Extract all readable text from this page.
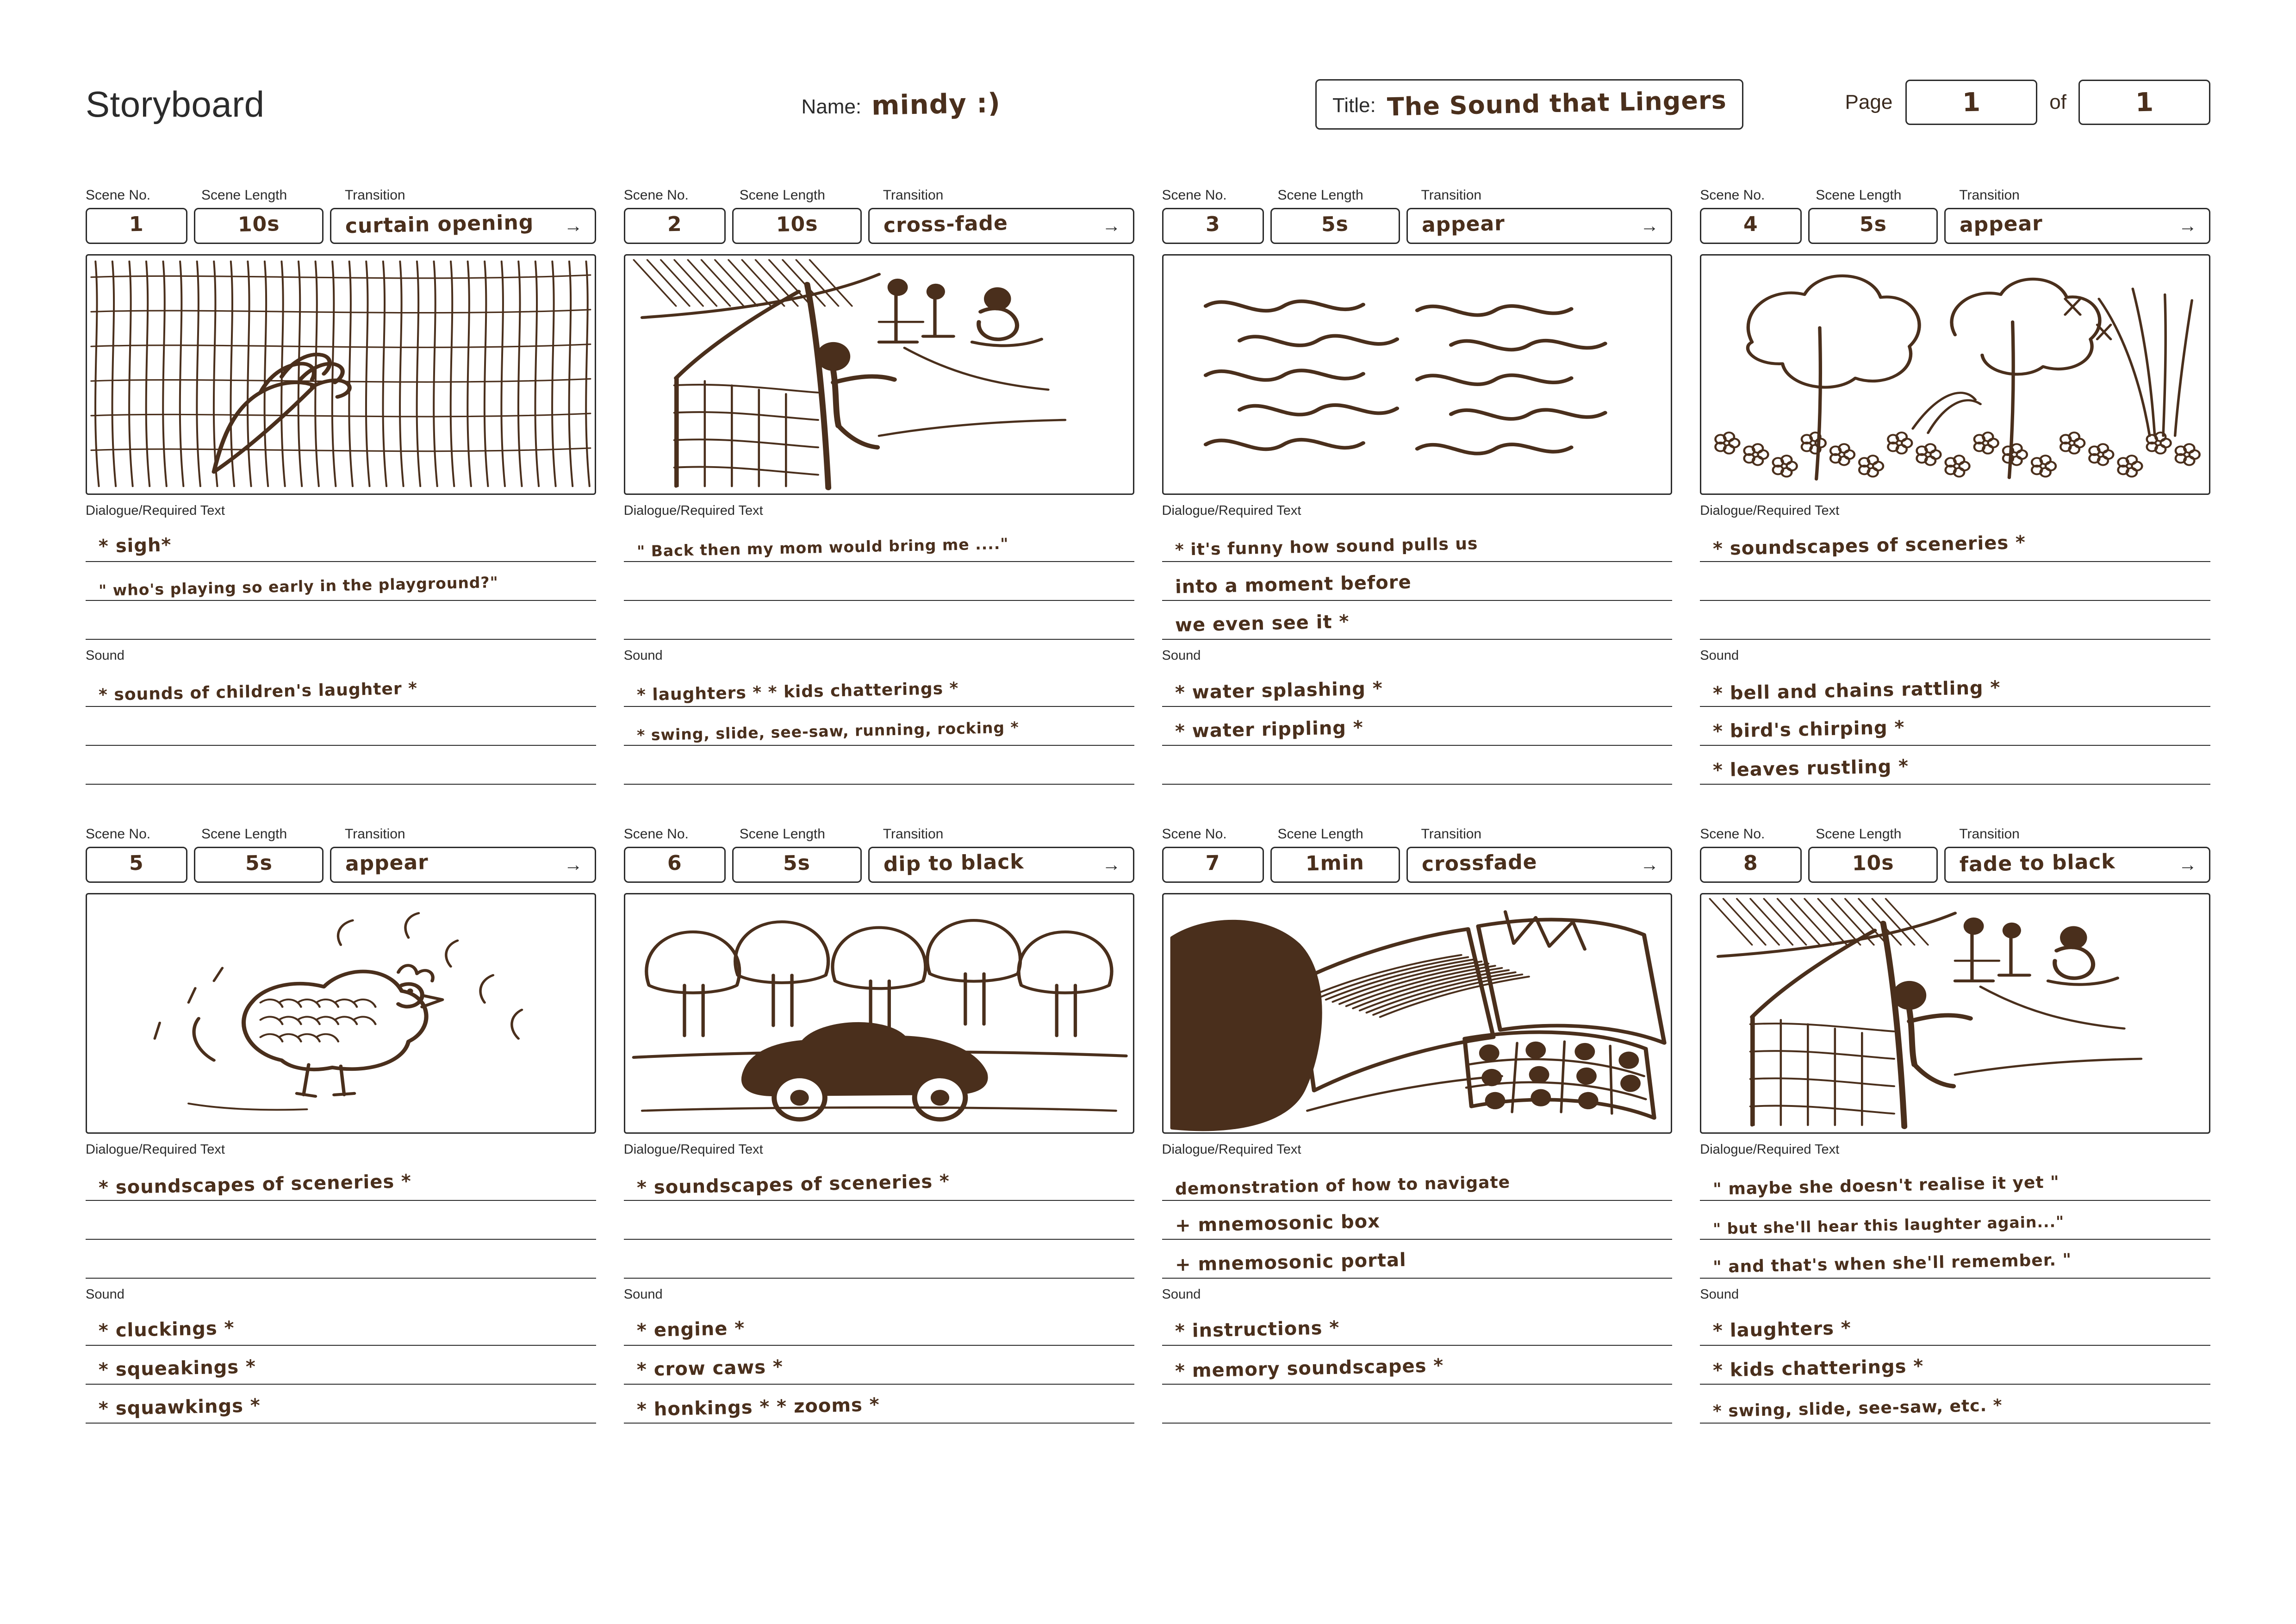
Storyboard	Name: mindy :)	Title: The Sound that Lingers	Page	1	of	1
Scene No.	Scene Length	Transition
1	10s	curtain opening →
Dialogue/Required Text
* sigh*
" who's playing so early in the playground?"
Sound
* sounds of children's laughter *
Scene No.	Scene Length	Transition
2	10s	cross-fade	→
Dialogue/Required Text
" Back then my mom would bring me ...."
Sound
* laughters * * kids chatterings *
* swing, slide, see-saw, running, rocking *
Scene No.	Scene Length	Transition
3	5s	appear	→
Dialogue/Required Text
* it's funny how sound pulls us
into a moment before
we even see it *
Sound
* water splashing *
* water rippling *
Scene No.	Scene Length	Transition
4	5s	appear	→
Dialogue/Required Text
* soundscapes of sceneries *
Sound
* bell and chains rattling *
* bird's chirping *
* leaves rustling *
Scene No.	Scene Length	Transition
5	5s	appear	→
Dialogue/Required Text
* soundscapes of sceneries *
Sound
* cluckings *
* squeakings *
* squawkings *
Scene No.	Scene Length	Transition
6	5s	dip to black	→
Dialogue/Required Text
* soundscapes of sceneries *
Sound
* engine *
* crow caws *
* honkings * * zooms *
Scene No.	Scene Length	Transition
7	1min	crossfade	→
Dialogue/Required Text
demonstration of how to navigate
+ mnemosonic box
+ mnemosonic portal
Sound
* instructions *
* memory soundscapes *
Scene No.	Scene Length	Transition
8	10s	fade to black	→
Dialogue/Required Text
" maybe she doesn't realise it yet "
" but she'll hear this laughter again..."
" and that's when she'll remember. "
Sound
* laughters *
* kids chatterings *
* swing, slide, see-saw, etc. *
